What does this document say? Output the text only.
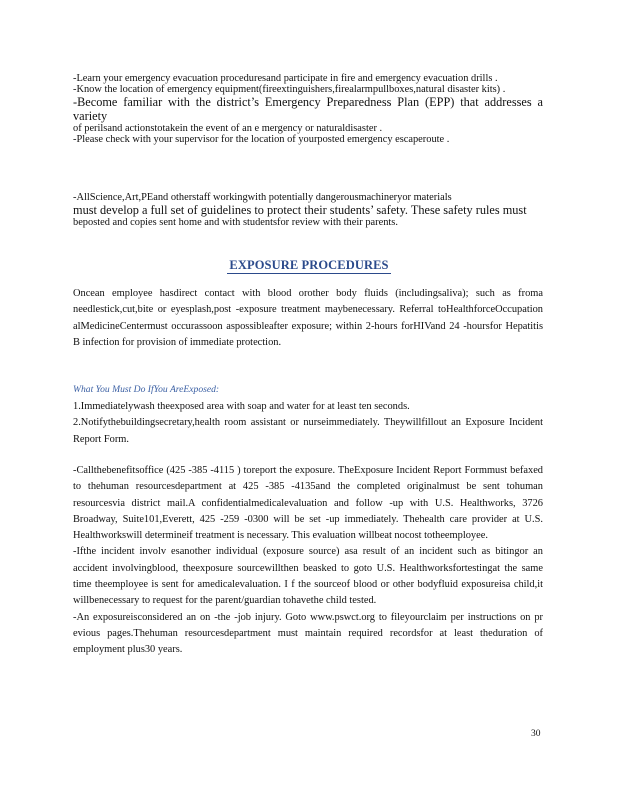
-Learn your emergency evacuation proceduresand participate in fire and emergency evacuation drills .

-Know the location of emergency equipment(fireextinguishers,firealarmpullboxes,natural disaster kits) .

-Become familiar with the district’s Emergency Preparedness Plan (EPP) that addresses a variety

of perilsand actionstotakein the event of an e mergency or naturaldisaster .

-Please check with your supervisor for the location of yourposted emergency escaperoute .

-AllScience,Art,PEand otherstaff workingwith potentially dangerousmachineryor materials

must develop a full set of guidelines to protect their students’ safety. These safety rules must

beposted and copies sent home and with studentsfor review with their parents.

EXPOSURE PROCEDURES
Oncean employee hasdirect contact with blood orother body fluids (includingsaliva); such as froma needlestick,cut,bite or eyesplash,post -exposure treatment maybenecessary. Referral toHealthforceOccupation alMedicineCentermust occurassoon aspossibleafter exposure; within 2-hours forHIVand 24 -hoursfor Hepatitis B infection for provision of immediate protection.

What You Must Do IfYou AreExposed:

1.Immediatelywash theexposed area with soap and water for at least ten seconds.

2.Notifythebuildingsecretary,health room assistant or nurseimmediately. Theywillfillout an Exposure Incident Report Form.

-Callthebenefitsoffice (425 -385 -4115 ) toreport the exposure. TheExposure Incident Report Formmust befaxed to thehuman resourcesdepartment at 425 -385 -4135and the completed originalmust be sent tohuman resourcesvia district mail.A confidentialmedicalevaluation and follow -up with U.S. Healthworks, 3726 Broadway, Suite101,Everett, 425 -259 -0300 will be set -up immediately. Thehealth care provider at U.S. Healthworkswill determineif treatment is necessary. This evaluation willbeat nocost totheemployee.

-Ifthe incident involv esanother individual (exposure source) asa result of an incident such as bitingor an accident involvingblood, theexposure sourcewillthen beasked to goto U.S. Healthworksfortestingat the same time theemployee is sent for amedicalevaluation. I f the sourceof blood or other bodyfluid exposureisa child,it willbenecessary to request for the parent/guardian tohavethe child tested.

-An exposureisconsidered an on -the -job injury. Goto www.pswct.org to fileyourclaim per instructions on pr evious pages.Thehuman resourcesdepartment must maintain required recordsfor at least theduration of employment plus30 years.

30
